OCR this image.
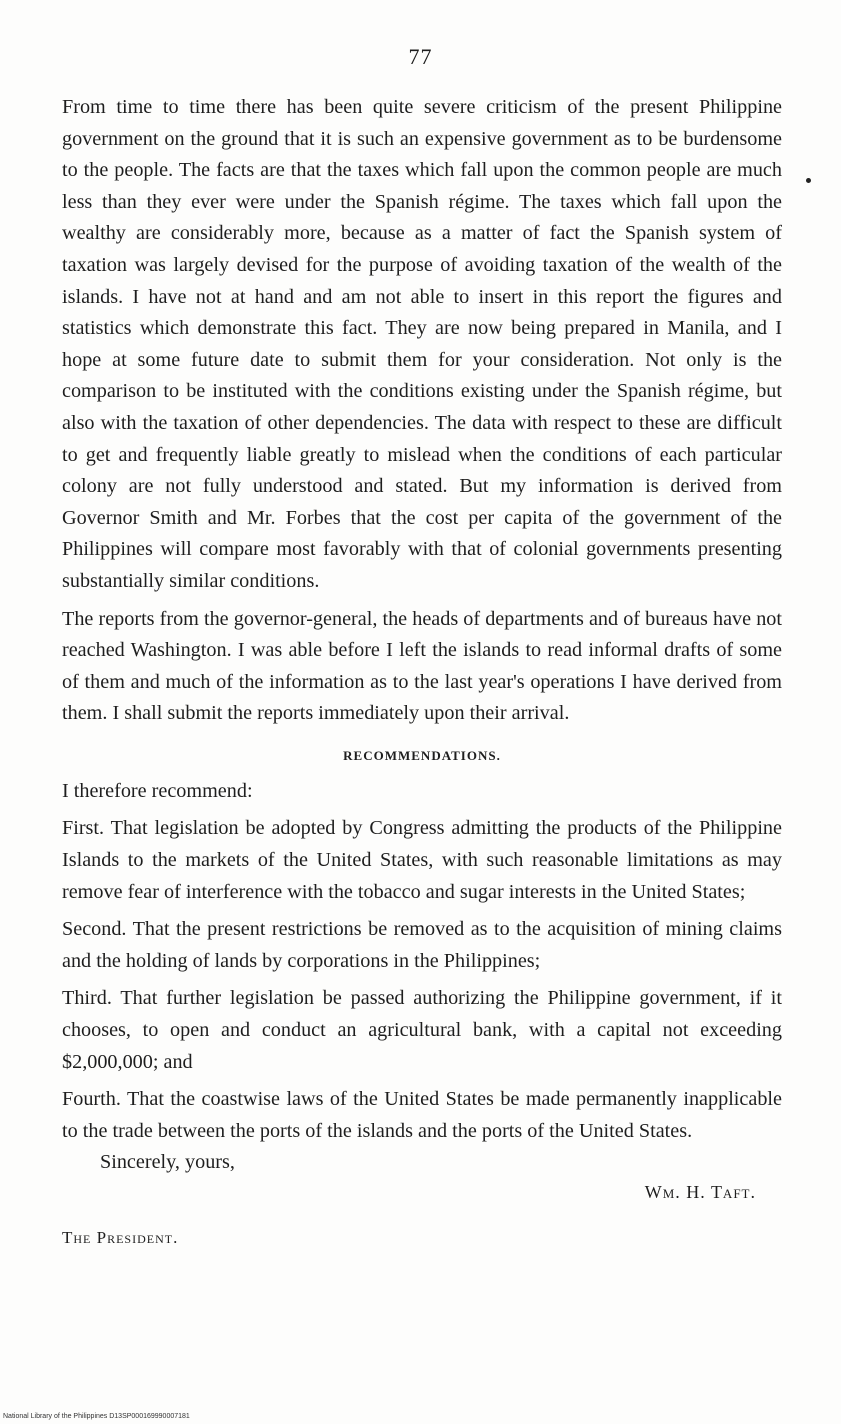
77

From time to time there has been quite severe criticism of the present Philippine government on the ground that it is such an expensive government as to be burdensome to the people. The facts are that the taxes which fall upon the common people are much less than they ever were under the Spanish régime. The taxes which fall upon the wealthy are considerably more, because as a matter of fact the Spanish system of taxation was largely devised for the purpose of avoiding taxation of the wealth of the islands. I have not at hand and am not able to insert in this report the figures and statistics which demonstrate this fact. They are now being prepared in Manila, and I hope at some future date to submit them for your consideration. Not only is the comparison to be instituted with the conditions existing under the Spanish régime, but also with the taxation of other dependencies. The data with respect to these are difficult to get and frequently liable greatly to mislead when the conditions of each particular colony are not fully understood and stated. But my information is derived from Governor Smith and Mr. Forbes that the cost per capita of the government of the Philippines will compare most favorably with that of colonial governments presenting substantially similar conditions.

The reports from the governor-general, the heads of departments and of bureaus have not reached Washington. I was able before I left the islands to read informal drafts of some of them and much of the information as to the last year's operations I have derived from them. I shall submit the reports immediately upon their arrival.

RECOMMENDATIONS.

I therefore recommend:

First. That legislation be adopted by Congress admitting the products of the Philippine Islands to the markets of the United States, with such reasonable limitations as may remove fear of interference with the tobacco and sugar interests in the United States;

Second. That the present restrictions be removed as to the acquisition of mining claims and the holding of lands by corporations in the Philippines;

Third. That further legislation be passed authorizing the Philippine government, if it chooses, to open and conduct an agricultural bank, with a capital not exceeding $2,000,000; and

Fourth. That the coastwise laws of the United States be made permanently inapplicable to the trade between the ports of the islands and the ports of the United States.

Sincerely, yours,

Wm. H. Taft.

The President.

National Library of the Philippines D13SP000169990007181
